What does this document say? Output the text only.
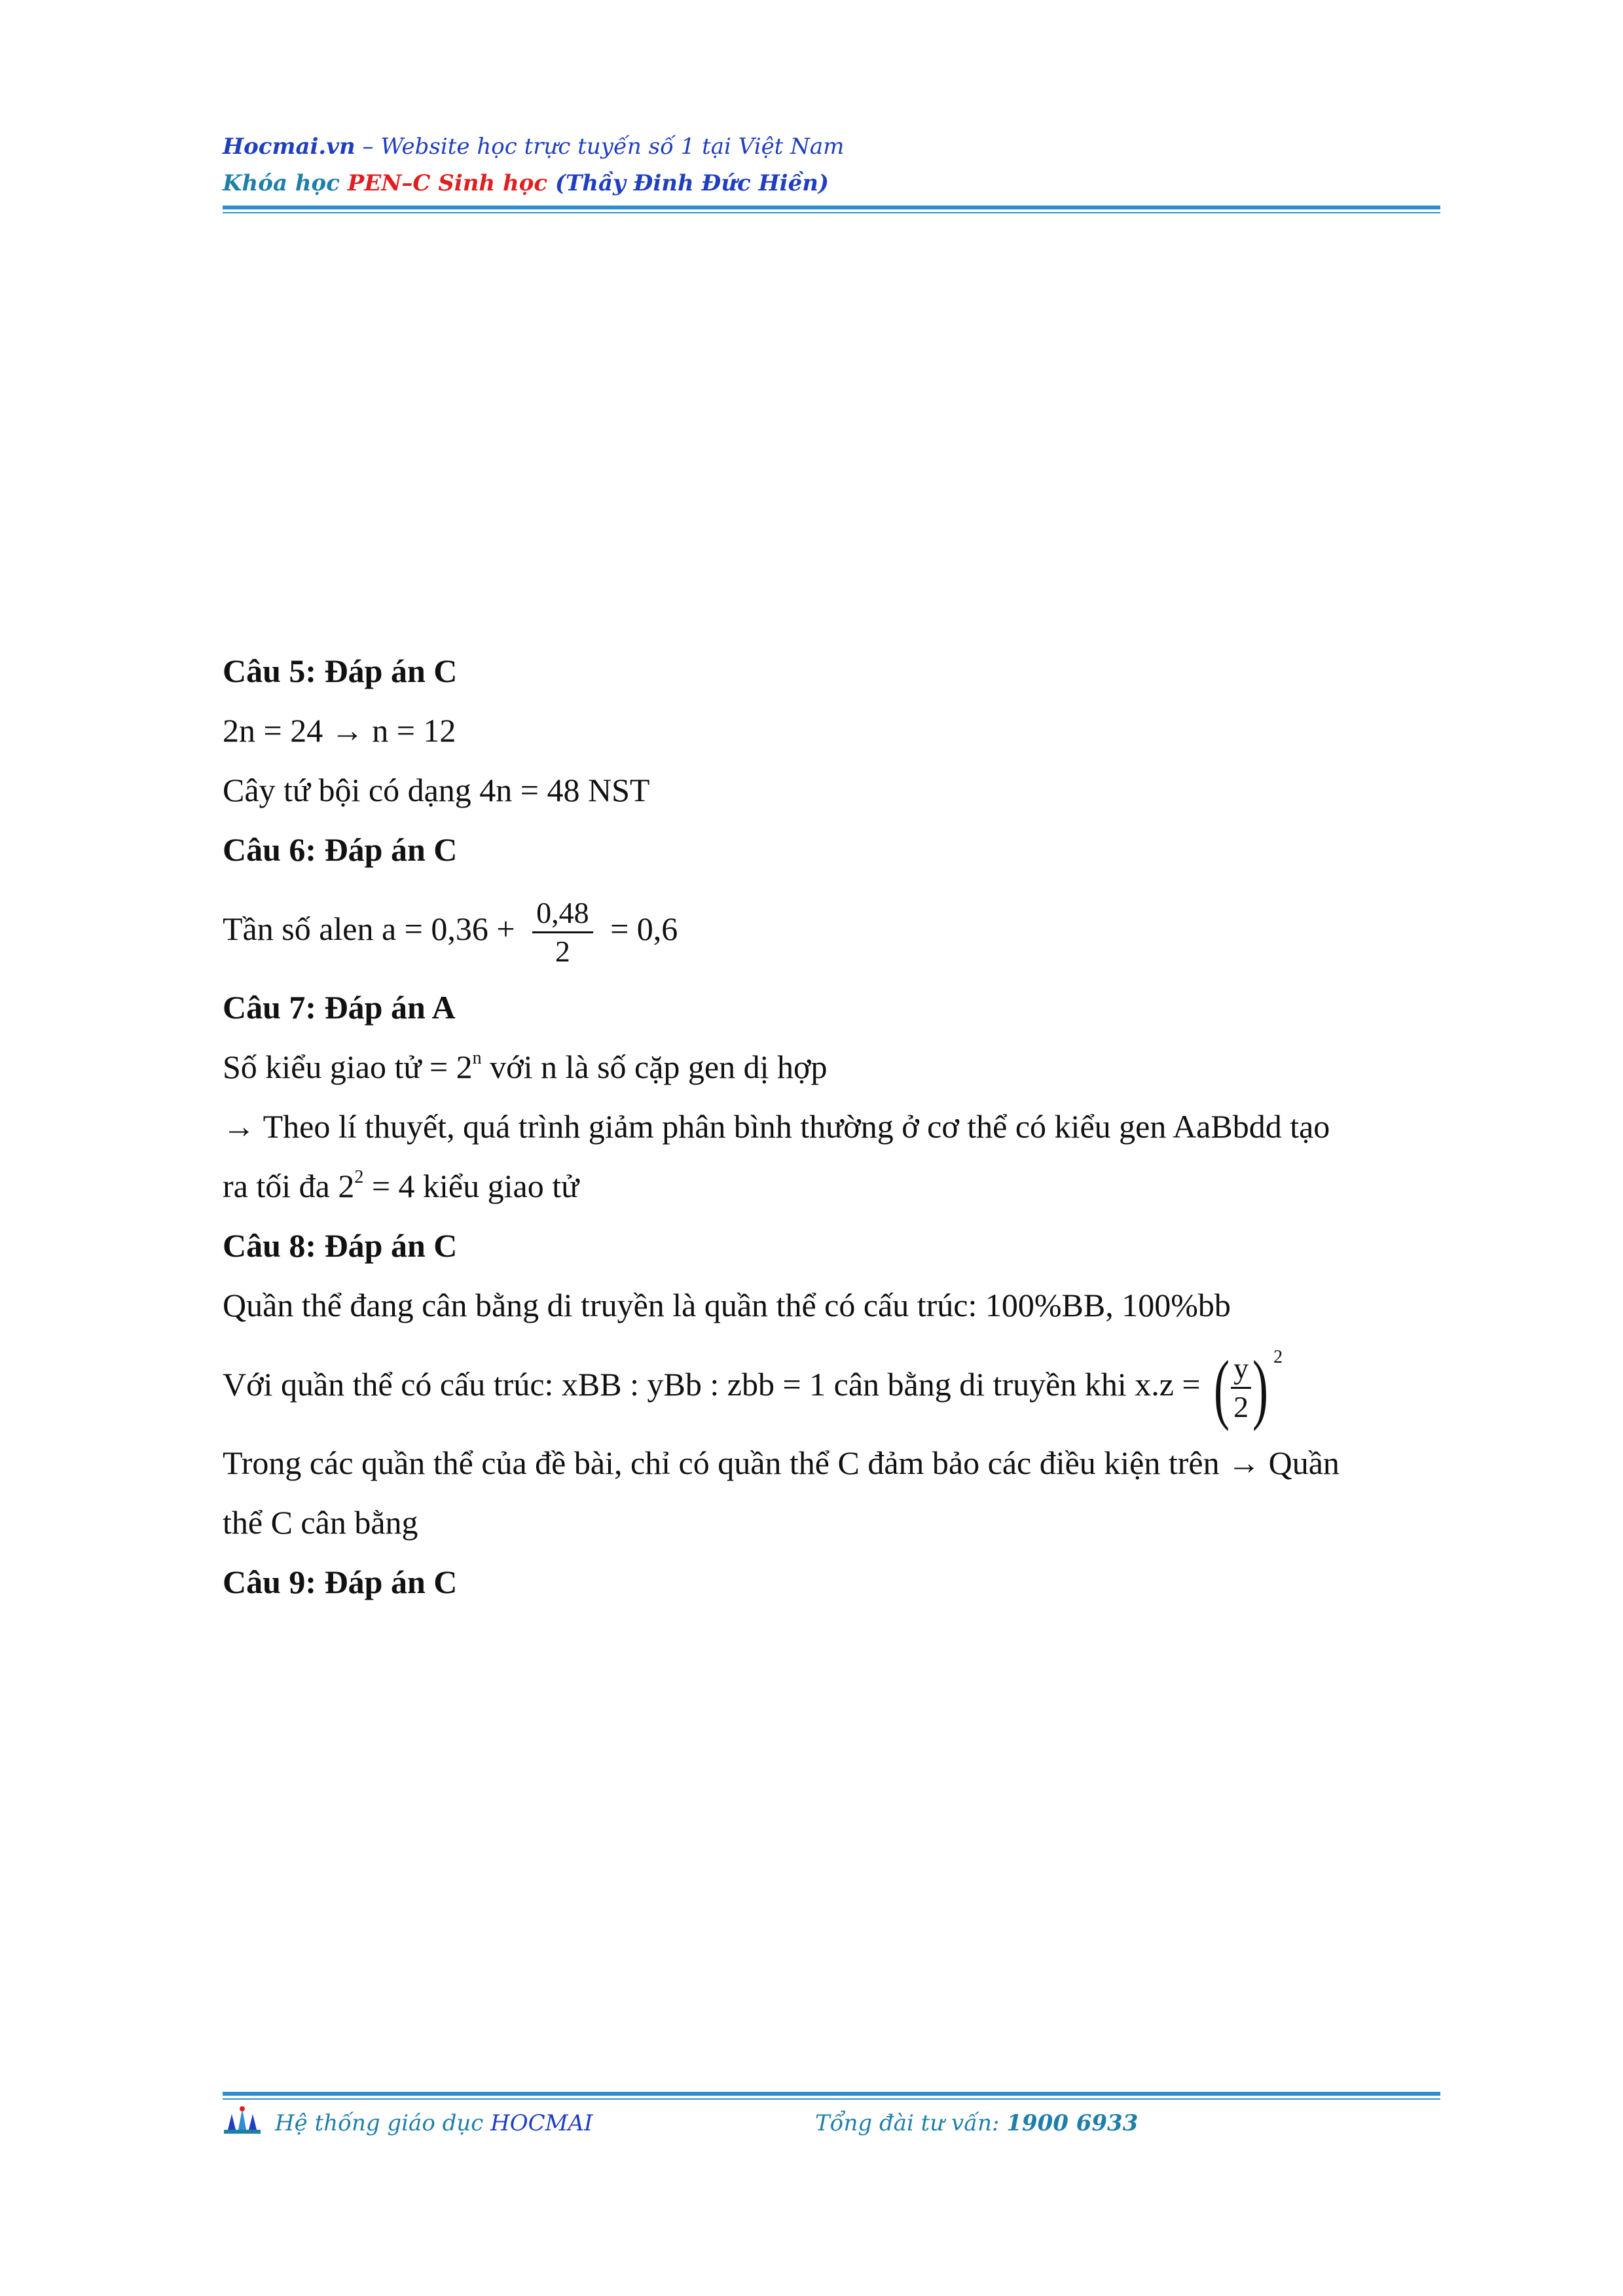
Hocmai.vn – Website học trực tuyến số 1 tại Việt Nam
Khóa học PEN–C Sinh học (Thầy Đinh Đức Hiền)
Câu 5: Đáp án C
2n = 24 → n = 12
Cây tứ bội có dạng 4n = 48 NST
Câu 6: Đáp án C
Tần số alen $a = 0,36 + \frac{0,48}{2} = 0,6$
Câu 7: Đáp án A
Số kiểu giao tử = $2^n$ với n là số cặp gen dị hợp
→ Theo lí thuyết, quá trình giảm phân bình thường ở cơ thể có kiểu gen AaBbdd tạo
ra tối đa $2^2 = 4$ kiểu giao tử
Câu 8: Đáp án C
Quần thể đang cân bằng di truyền là quần thể có cấu trúc: 100%BB, 100%bb
Với quần thể có cấu trúc: xBB : yBb : zbb = 1 cân bằng di truyền khi x.z = ( $\frac{y}{2}$ ) $^2$
Trong các quần thể của đề bài, chỉ có quần thể C đảm bảo các điều kiện trên → Quần
thể C cân bằng
Câu 9: Đáp án C
Hệ thống giáo dục HOCMAI	Tổng đài tư vấn: 1900 6933
